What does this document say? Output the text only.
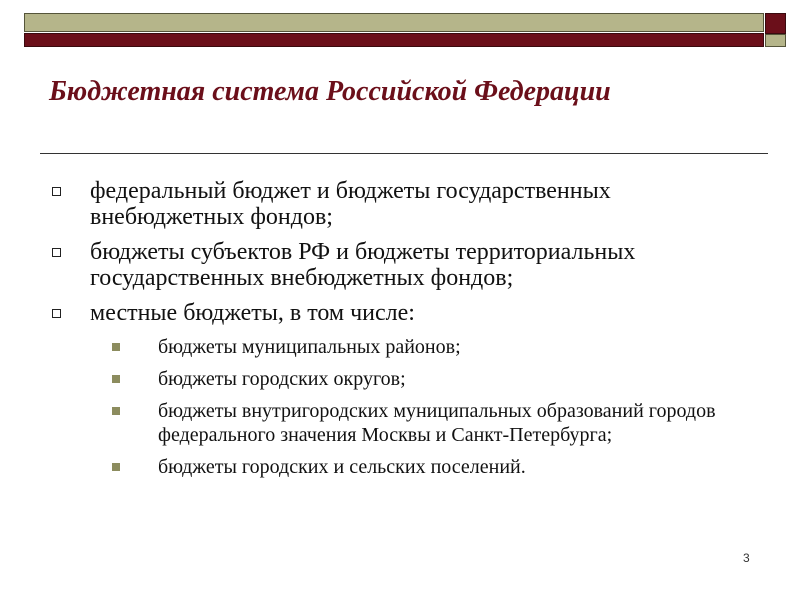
Бюджетная система Российской Федерации
федеральный бюджет и бюджеты государственных внебюджетных фондов;
бюджеты субъектов РФ и бюджеты территориальных государственных внебюджетных фондов;
местные бюджеты, в том числе:
бюджеты муниципальных районов;
бюджеты городских округов;
бюджеты внутригородских муниципальных образований городов федерального значения Москвы и Санкт-Петербурга;
бюджеты городских и сельских поселений.
3
